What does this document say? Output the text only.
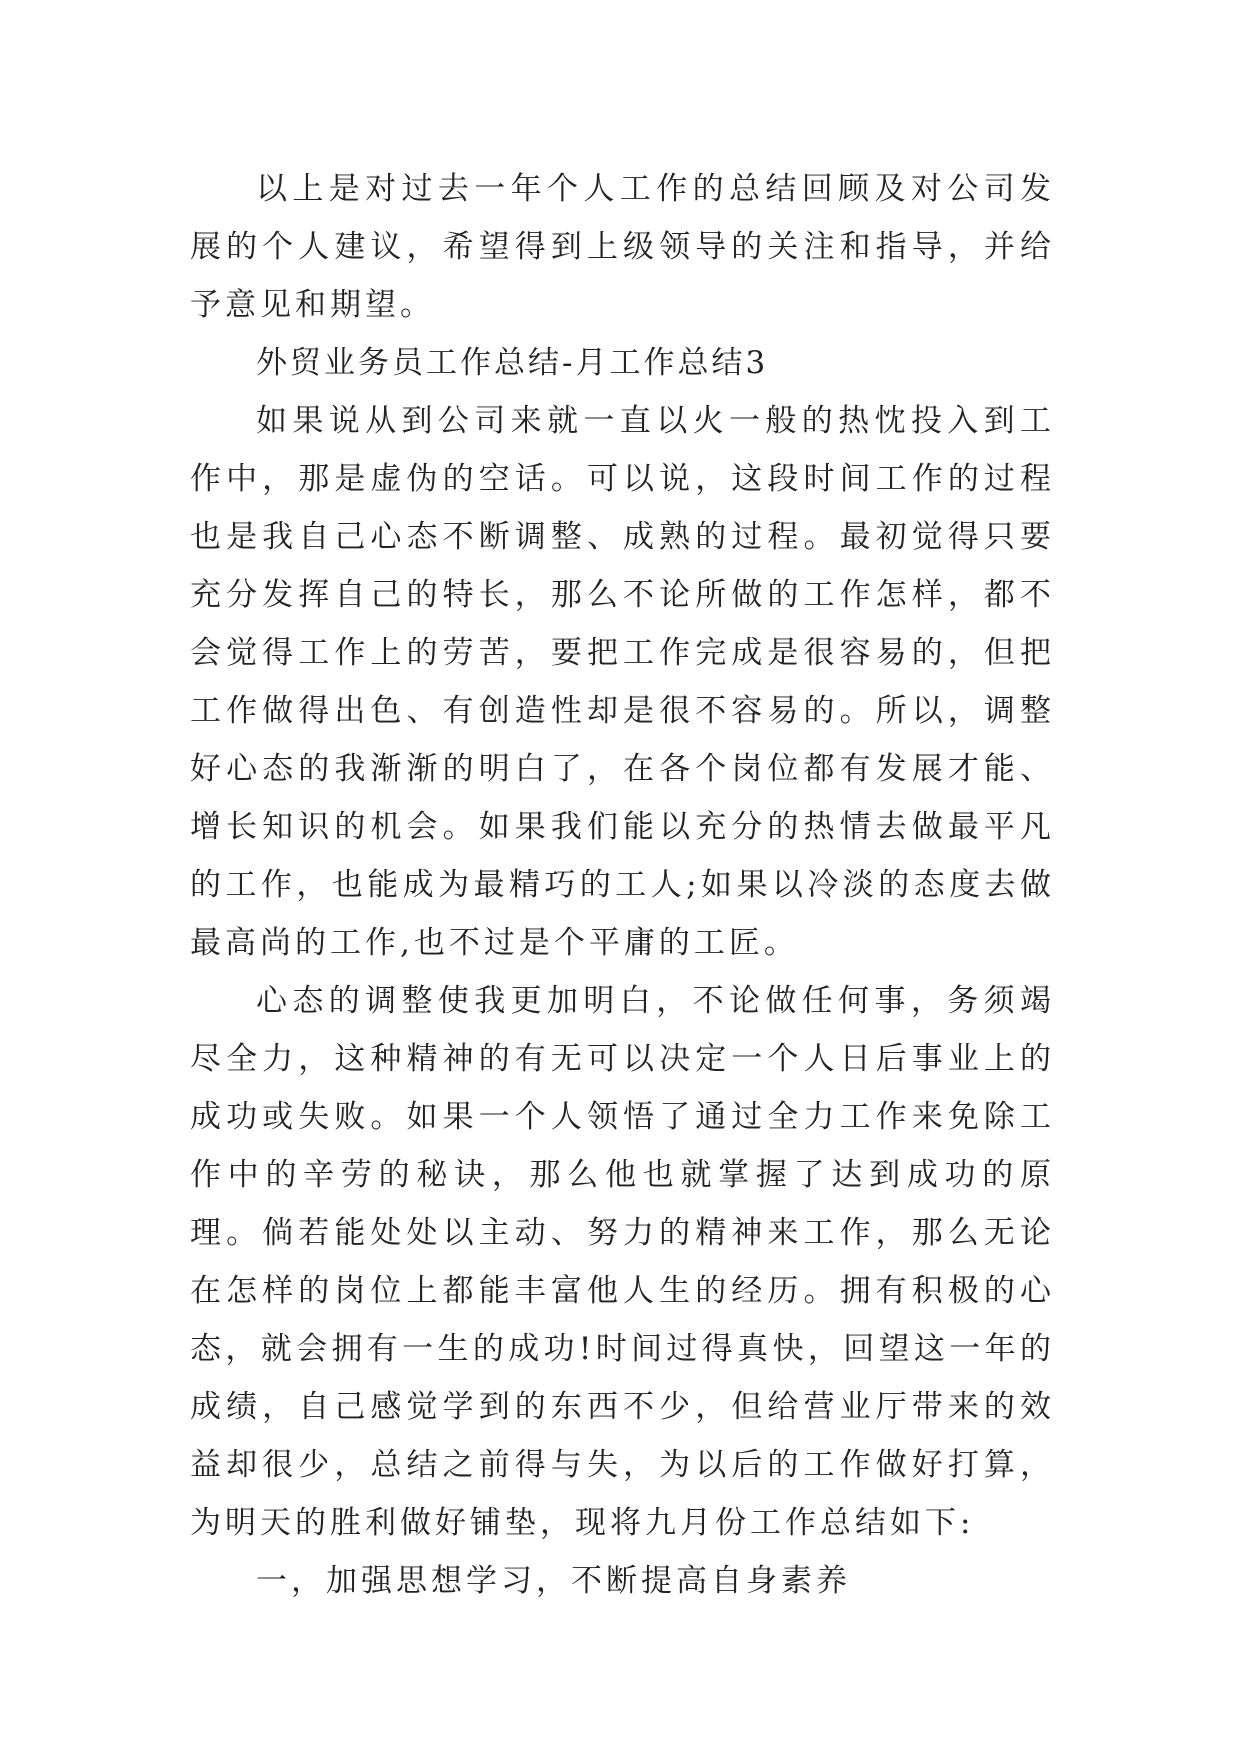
以上是对过去一年个人工作的总结回顾及对公司发展的个人建议，希望得到上级领导的关注和指导，并给予意见和期望。

外贸业务员工作总结-月工作总结3

如果说从到公司来就一直以火一般的热忱投入到工作中，那是虚伪的空话。可以说，这段时间工作的过程也是我自己心态不断调整、成熟的过程。最初觉得只要充分发挥自己的特长，那么不论所做的工作怎样，都不会觉得工作上的劳苦，要把工作完成是很容易的，但把工作做得出色、有创造性却是很不容易的。所以，调整好心态的我渐渐的明白了，在各个岗位都有发展才能、增长知识的机会。如果我们能以充分的热情去做最平凡的工作，也能成为最精巧的工人;如果以冷淡的态度去做最高尚的工作,也不过是个平庸的工匠。

心态的调整使我更加明白，不论做任何事，务须竭尽全力，这种精神的有无可以决定一个人日后事业上的成功或失败。如果一个人领悟了通过全力工作来免除工作中的辛劳的秘诀，那么他也就掌握了达到成功的原理。倘若能处处以主动、努力的精神来工作，那么无论在怎样的岗位上都能丰富他人生的经历。拥有积极的心态，就会拥有一生的成功!时间过得真快，回望这一年的成绩，自己感觉学到的东西不少，但给营业厅带来的效益却很少，总结之前得与失，为以后的工作做好打算，为明天的胜利做好铺垫，现将九月份工作总结如下:

一，加强思想学习，不断提高自身素养
